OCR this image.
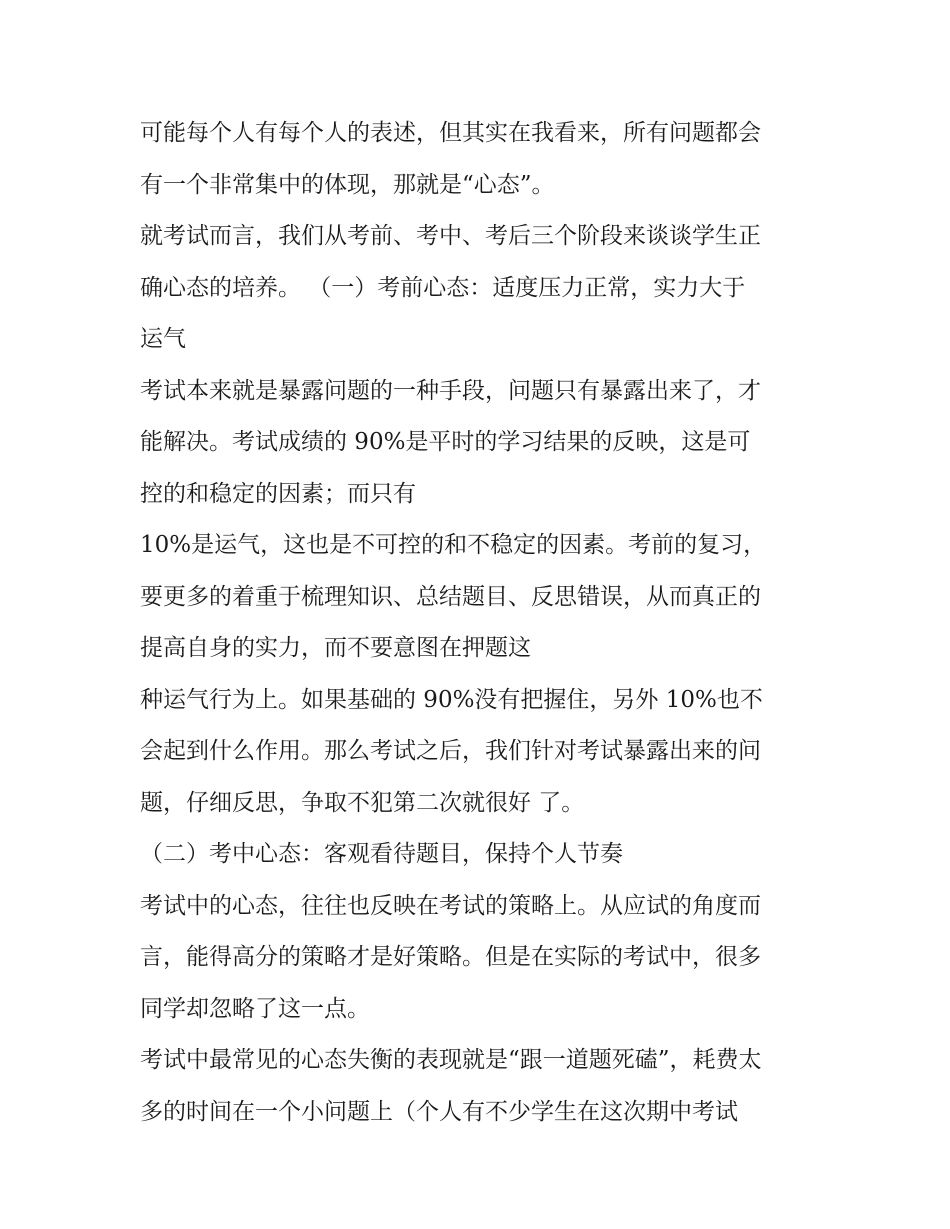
可能每个人有每个人的表述，但其实在我看来，所有问题都会
有一个非常集中的体现，那就是“心态”。
就考试而言，我们从考前、考中、考后三个阶段来谈谈学生正
确心态的培养。 （一）考前心态：适度压力正常，实力大于
运气
考试本来就是暴露问题的一种手段，问题只有暴露出来了，才
能解决。考试成绩的 90%是平时的学习结果的反映，这是可
控的和稳定的因素；而只有
10%是运气，这也是不可控的和不稳定的因素。考前的复习，
要更多的着重于梳理知识、总结题目、反思错误，从而真正的
提高自身的实力，而不要意图在押题这
种运气行为上。如果基础的 90%没有把握住，另外 10%也不
会起到什么作用。那么考试之后，我们针对考试暴露出来的问
题，仔细反思，争取不犯第二次就很好 了。
（二）考中心态：客观看待题目，保持个人节奏
考试中的心态，往往也反映在考试的策略上。从应试的角度而
言，能得高分的策略才是好策略。但是在实际的考试中，很多
同学却忽略了这一点。
考试中最常见的心态失衡的表现就是“跟一道题死磕”，耗费太
多的时间在一个小问题上（个人有不少学生在这次期中考试
